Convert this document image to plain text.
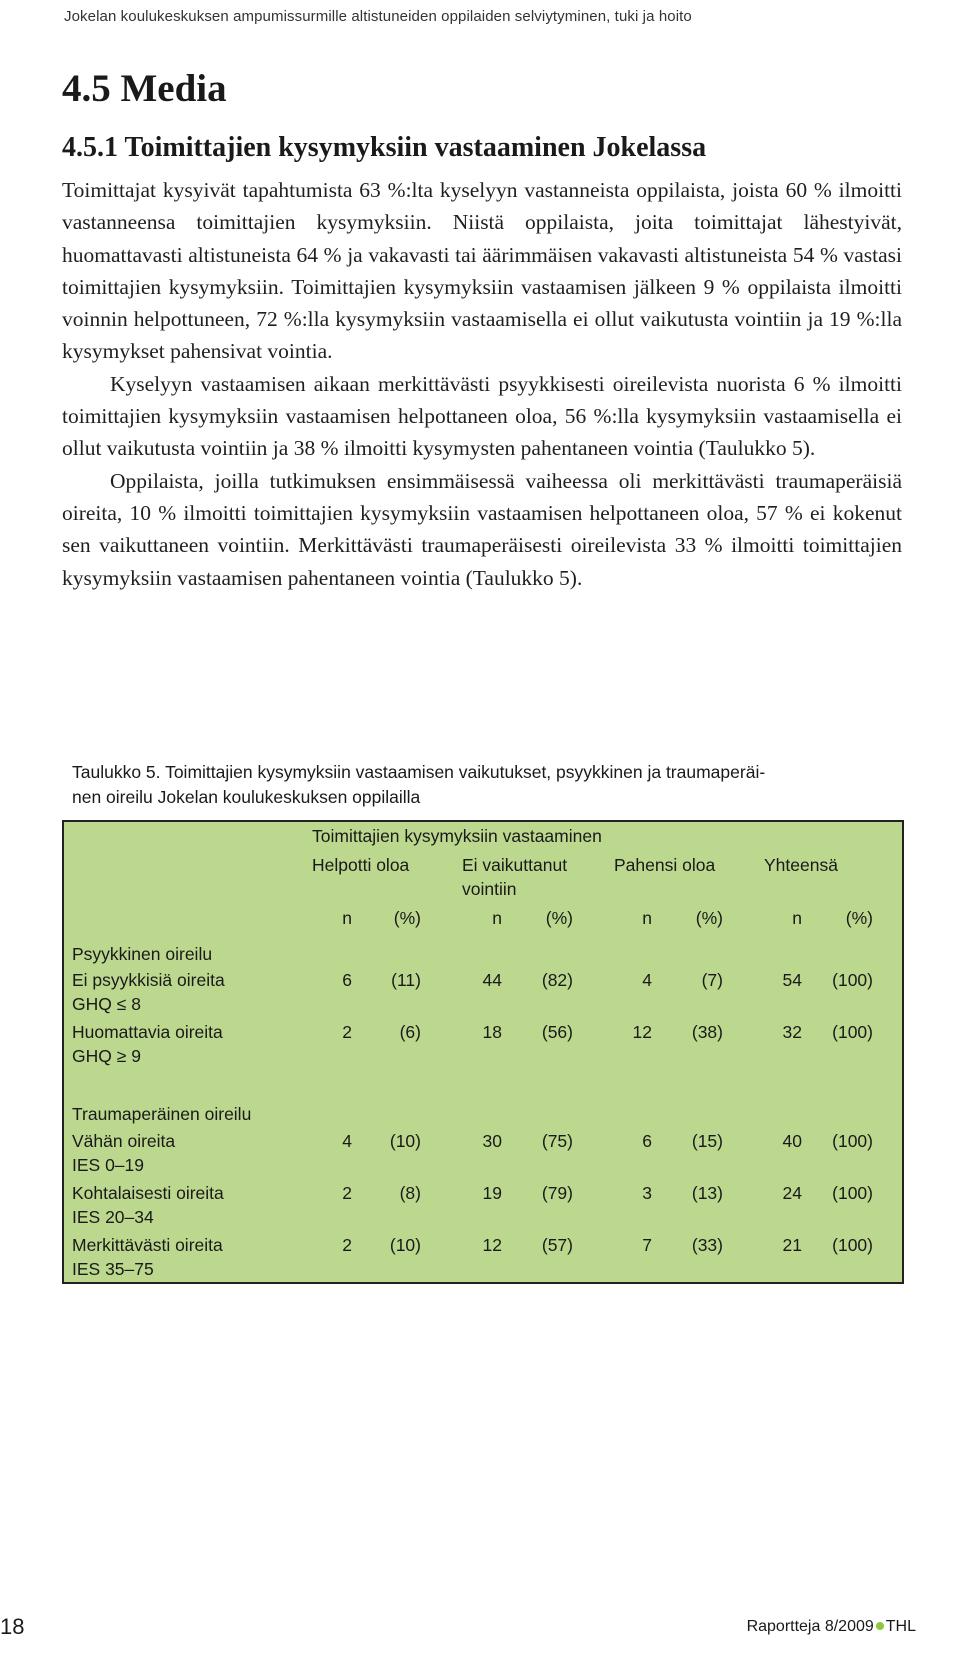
Jokelan koulukeskuksen ampumissurmille altistuneiden oppilaiden selviytyminen, tuki ja hoito
4.5 Media
4.5.1 Toimittajien kysymyksiin vastaaminen Jokelassa

Toimittajat kysyivät tapahtumista 63 %:lta kyselyyn vastanneista oppilaista, joista 60 % ilmoitti vastanneensa toimittajien kysymyksiin. Niistä oppilaista, joita toimittajat lähestyivät, huomattavasti altistuneista 64 % ja vakavasti tai äärimmäisen vakavasti altistuneista 54 % vastasi toimittajien kysymyksiin. Toimittajien kysymyksiin vastaamisen jälkeen 9 % oppilaista ilmoitti voinnin helpottuneen, 72 %:lla kysymyksiin vastaamisella ei ollut vaikutusta vointiin ja 19 %:lla kysymykset pahensivat vointia.

Kyselyyn vastaamisen aikaan merkittävästi psyykkisesti oireilevista nuorista 6 % ilmoitti toimittajien kysymyksiin vastaamisen helpottaneen oloa, 56 %:lla kysymyksiin vastaamisella ei ollut vaikutusta vointiin ja 38 % ilmoitti kysymysten pahentaneen vointia (Taulukko 5).

Oppilaista, joilla tutkimuksen ensimmäisessä vaiheessa oli merkittävästi traumaperäisiä oireita, 10 % ilmoitti toimittajien kysymyksiin vastaamisen helpottaneen oloa, 57 % ei kokenut sen vaikuttaneen vointiin. Merkittävästi traumaperäisesti oireilevista 33 % ilmoitti toimittajien kysymyksiin vastaamisen pahentaneen vointia (Taulukko 5).

Taulukko 5. Toimittajien kysymyksiin vastaamisen vaikutukset, psyykkinen ja traumaperäi-
nen oireilu Jokelan koulukeskuksen oppilailla
Toimittajien kysymyksiin vastaaminen
Helpotti oloa	Ei vaikuttanut
vointiin
Pahensi oloa	Yhteensä
n	(%)	n	(%)	n	(%)	n	(%)
Psyykkinen oireilu
Ei psyykkisiä oireita
GHQ ≤ 8
6	(11)	44	(82)	4	(7)	54	(100)
Huomattavia oireita
GHQ ≥ 9
2	(6)	18	(56)	12	(38)	32	(100)
Traumaperäinen oireilu
Vähän oireita
IES 0–19
4	(10)	30	(75)	6	(15)	40	(100)
Kohtalaisesti oireita
IES 20–34
2	(8)	19	(79)	3	(13)	24	(100)
Merkittävästi oireita
IES 35–75
2	(10)	12	(57)	7	(33)	21	(100)
18	Raportteja 8/2009 THL
